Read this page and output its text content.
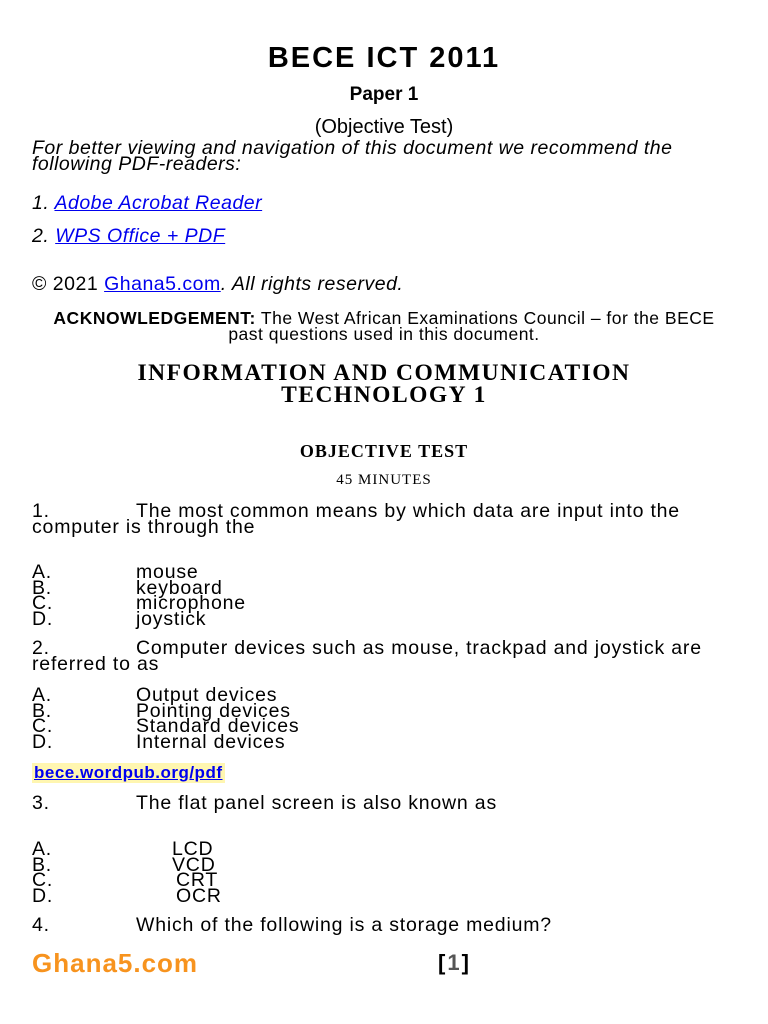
BECE ICT 2011
Paper 1
(Objective Test)
For better viewing and navigation of this document we recommend the following PDF-readers:
1. Adobe Acrobat Reader
2. WPS Office + PDF
© 2021 Ghana5.com. All rights reserved.
ACKNOWLEDGEMENT: The West African Examinations Council – for the BECE past questions used in this document.
INFORMATION AND COMMUNICATION TECHNOLOGY 1
OBJECTIVE TEST
45 MINUTES
1.	The most common means by which data are input into the computer is through the
A.	mouse
B.	keyboard
C.	microphone
D.	joystick
2.	Computer devices such as mouse, trackpad and joystick are referred to as
A.	Output devices
B.	Pointing devices
C.	Standard devices
D.	Internal devices
bece.wordpub.org/pdf
3.	The flat panel screen is also known as
A.	LCD
B.	VCD
C.	CRT
D.	OCR
4.	Which of the following is a storage medium?
Ghana5.com	[1]
